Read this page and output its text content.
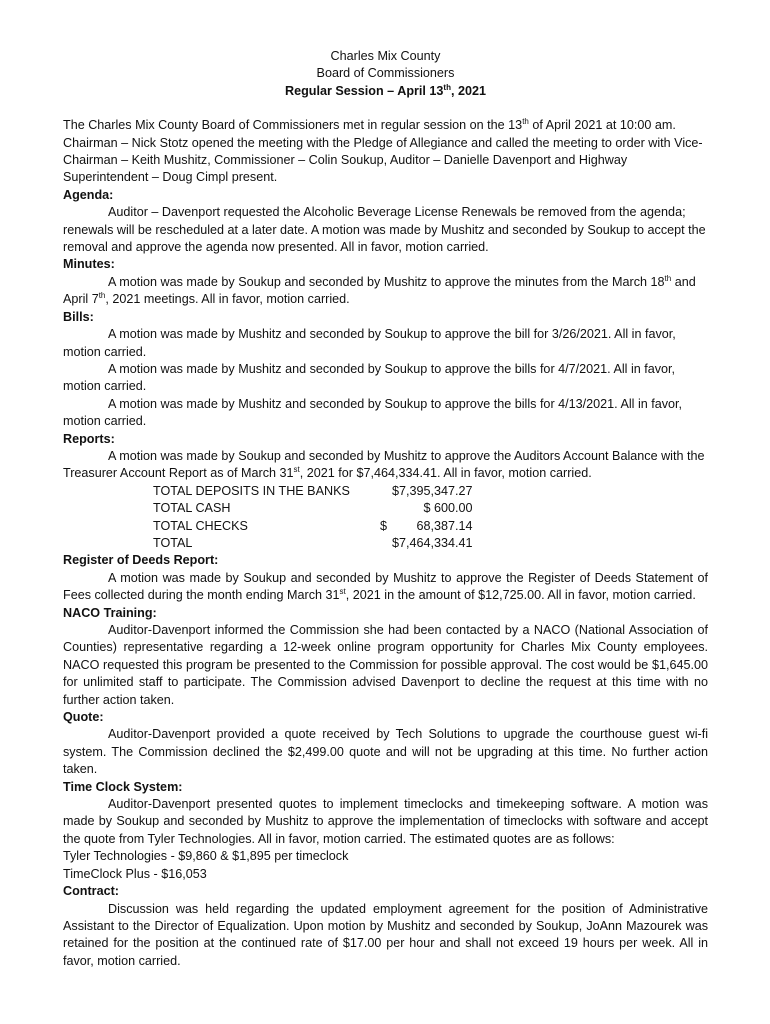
Charles Mix County
Board of Commissioners
Regular Session – April 13th, 2021

The Charles Mix County Board of Commissioners met in regular session on the 13th of April 2021 at 10:00 am. Chairman – Nick Stotz opened the meeting with the Pledge of Allegiance and called the meeting to order with Vice-Chairman – Keith Mushitz, Commissioner – Colin Soukup, Auditor – Danielle Davenport and Highway Superintendent – Doug Cimpl present.

Agenda:

Auditor – Davenport requested the Alcoholic Beverage License Renewals be removed from the agenda; renewals will be rescheduled at a later date. A motion was made by Mushitz and seconded by Soukup to accept the removal and approve the agenda now presented. All in favor, motion carried.

Minutes:

A motion was made by Soukup and seconded by Mushitz to approve the minutes from the March 18th and April 7th, 2021 meetings. All in favor, motion carried.

Bills:

A motion was made by Mushitz and seconded by Soukup to approve the bill for 3/26/2021. All in favor, motion carried.

A motion was made by Mushitz and seconded by Soukup to approve the bills for 4/7/2021. All in favor, motion carried.

A motion was made by Mushitz and seconded by Soukup to approve the bills for 4/13/2021. All in favor, motion carried.

Reports:

A motion was made by Soukup and seconded by Mushitz to approve the Auditors Account Balance with the Treasurer Account Report as of March 31st, 2021 for $7,464,334.41. All in favor, motion carried.

TOTAL DEPOSITS IN THE BANKS		$7,395,347.27
TOTAL CASH		$ 600.00
TOTAL CHECKS	$	68,387.14
TOTAL		$7,464,334.41

Register of Deeds Report:

A motion was made by Soukup and seconded by Mushitz to approve the Register of Deeds Statement of Fees collected during the month ending March 31st, 2021 in the amount of $12,725.00. All in favor, motion carried.

NACO Training:

Auditor-Davenport informed the Commission she had been contacted by a NACO (National Association of Counties) representative regarding a 12-week online program opportunity for Charles Mix County employees. NACO requested this program be presented to the Commission for possible approval. The cost would be $1,645.00 for unlimited staff to participate. The Commission advised Davenport to decline the request at this time with no further action taken.

Quote:

Auditor-Davenport provided a quote received by Tech Solutions to upgrade the courthouse guest wi-fi system. The Commission declined the $2,499.00 quote and will not be upgrading at this time. No further action taken.

Time Clock System:

Auditor-Davenport presented quotes to implement timeclocks and timekeeping software. A motion was made by Soukup and seconded by Mushitz to approve the implementation of timeclocks with software and accept the quote from Tyler Technologies. All in favor, motion carried. The estimated quotes are as follows:

Tyler Technologies - $9,860 & $1,895 per timeclock

TimeClock Plus - $16,053

Contract:

Discussion was held regarding the updated employment agreement for the position of Administrative Assistant to the Director of Equalization. Upon motion by Mushitz and seconded by Soukup, JoAnn Mazourek was retained for the position at the continued rate of $17.00 per hour and shall not exceed 19 hours per week. All in favor, motion carried.
